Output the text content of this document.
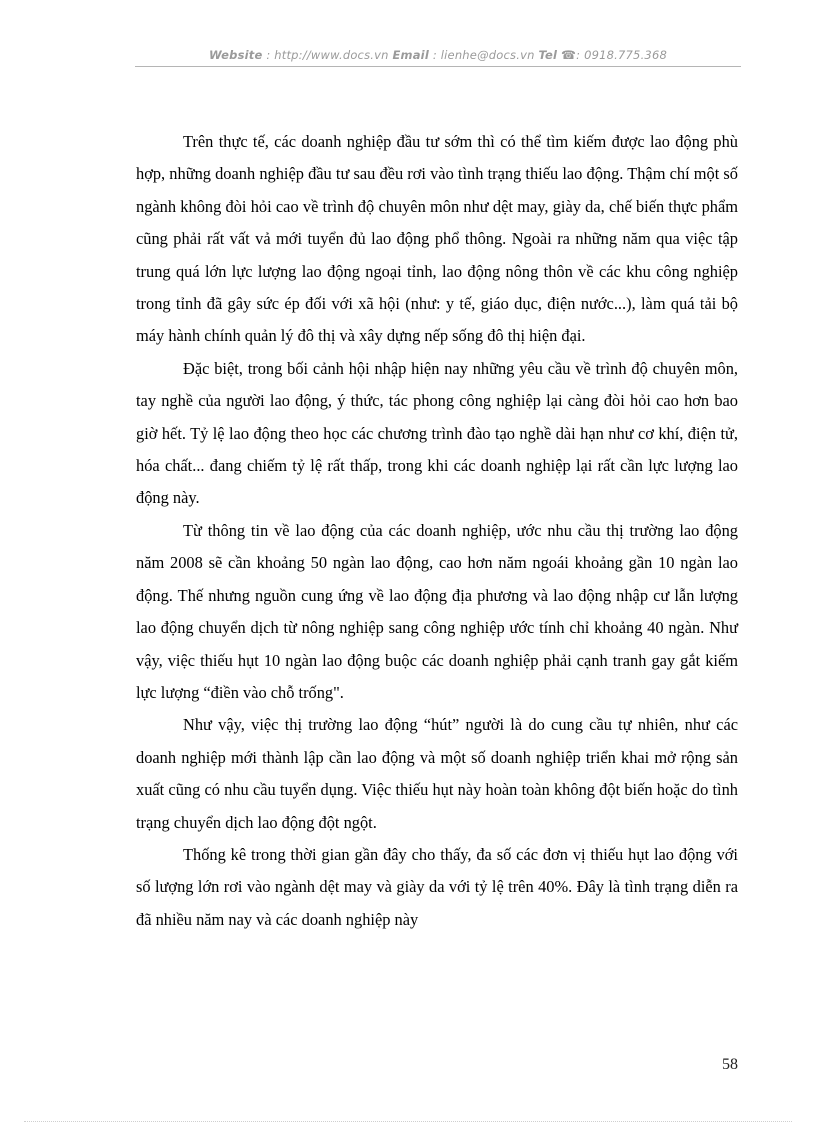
Website : http://www.docs.vn Email : lienhe@docs.vn Tel ☎: 0918.775.368

Trên thực tế, các doanh nghiệp đầu tư sớm thì có thể tìm kiếm được lao động phù hợp, những doanh nghiệp đầu tư sau đều rơi vào tình trạng thiếu lao động. Thậm chí một số ngành không đòi hỏi cao về trình độ chuyên môn như dệt may, giày da, chế biến thực phẩm cũng phải rất vất vả mới tuyển đủ lao động phổ thông. Ngoài ra những năm qua việc tập trung quá lớn lực lượng lao động ngoại tỉnh, lao động nông thôn về các khu công nghiệp trong tỉnh đã gây sức ép đối với xã hội (như: y tế, giáo dục, điện nước...), làm quá tải bộ máy hành chính quản lý đô thị và xây dựng nếp sống đô thị hiện đại.

Đặc biệt, trong bối cảnh hội nhập hiện nay những yêu cầu về trình độ chuyên môn, tay nghề của người lao động, ý thức, tác phong công nghiệp lại càng đòi hỏi cao hơn bao giờ hết. Tỷ lệ lao động theo học các chương trình đào tạo nghề dài hạn như cơ khí, điện tử, hóa chất... đang chiếm tỷ lệ rất thấp, trong khi các doanh nghiệp lại rất cần lực lượng lao động này.

Từ thông tin về lao động của các doanh nghiệp, ước nhu cầu thị trường lao động năm 2008 sẽ cần khoảng 50 ngàn lao động, cao hơn năm ngoái khoảng gần 10 ngàn lao động. Thế nhưng nguồn cung ứng về lao động địa phương và lao động nhập cư lẫn lượng lao động chuyển dịch từ nông nghiệp sang công nghiệp ước tính chỉ khoảng 40 ngàn. Như vậy, việc thiếu hụt 10 ngàn lao động buộc các doanh nghiệp phải cạnh tranh gay gắt kiếm lực lượng “điền vào chỗ trống".

Như vậy, việc thị trường lao động “hút” người là do cung cầu tự nhiên, như các doanh nghiệp mới thành lập cần lao động và một số doanh nghiệp triển khai mở rộng sản xuất cũng có nhu cầu tuyển dụng. Việc thiếu hụt này hoàn toàn không đột biến hoặc do tình trạng chuyển dịch lao động đột ngột.

Thống kê trong thời gian gần đây cho thấy, đa số các đơn vị thiếu hụt lao động với số lượng lớn rơi vào ngành dệt may và giày da với tỷ lệ trên 40%. Đây là tình trạng diễn ra đã nhiều năm nay và các doanh nghiệp này

58
